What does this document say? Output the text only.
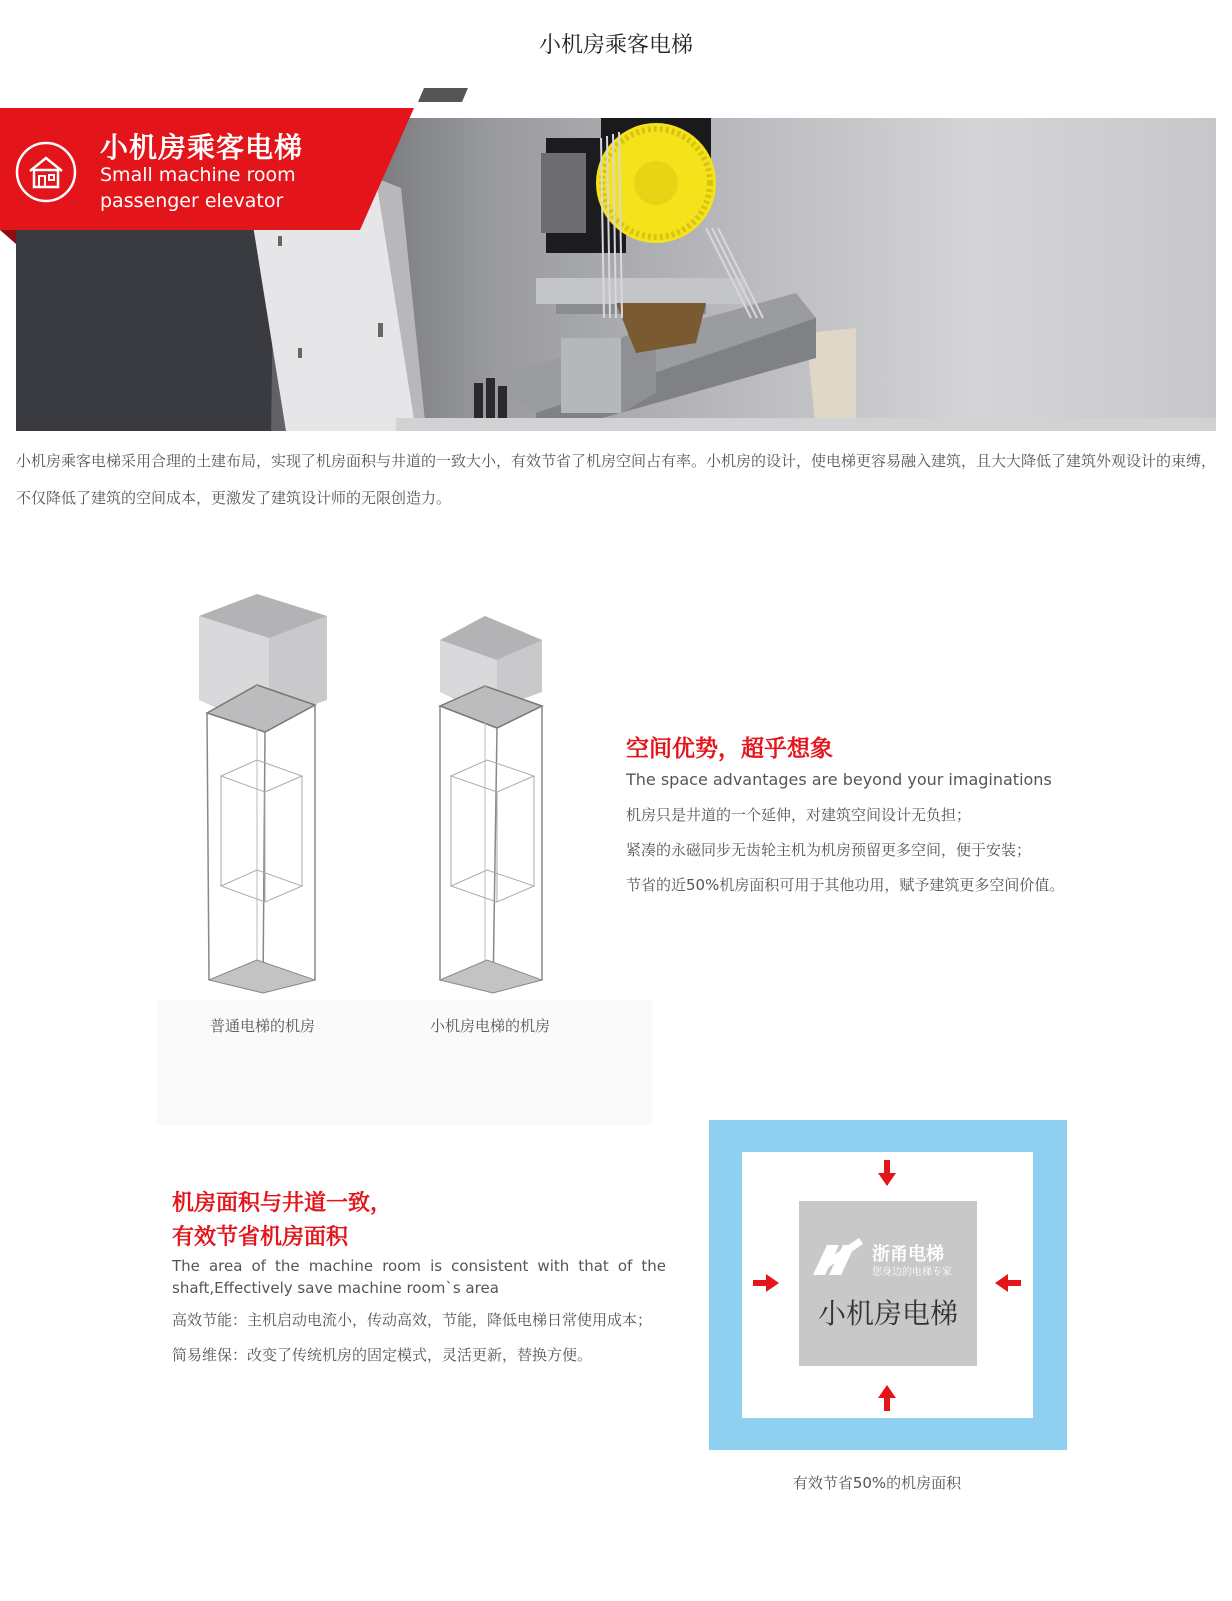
小机房乘客电梯
小机房乘客电梯
Small machine room
passenger elevator
小机房乘客电梯采用合理的土建布局，实现了机房面积与井道的一致大小，有效节省了机房空间占有率。小机房的设计，使电梯更容易融入建筑，且大大降低了建筑外观设计的束缚，不仅降低了建筑的空间成本，更激发了建筑设计师的无限创造力。
普通电梯的机房	小机房电梯的机房
空间优势，超乎想象
The space advantages are beyond your imaginations
机房只是井道的一个延伸，对建筑空间设计无负担；
紧凑的永磁同步无齿轮主机为机房预留更多空间，便于安装；
节省的近50%机房面积可用于其他功用，赋予建筑更多空间价值。
机房面积与井道一致，
有效节省机房面积
The area of the machine room is consistent with that of the shaft,Effectively save machine room`s area
高效节能：主机启动电流小，传动高效，节能，降低电梯日常使用成本；
简易维保：改变了传统机房的固定模式，灵活更新，替换方便。
浙甬电梯
您身边的电梯专家
小机房电梯
有效节省50%的机房面积
